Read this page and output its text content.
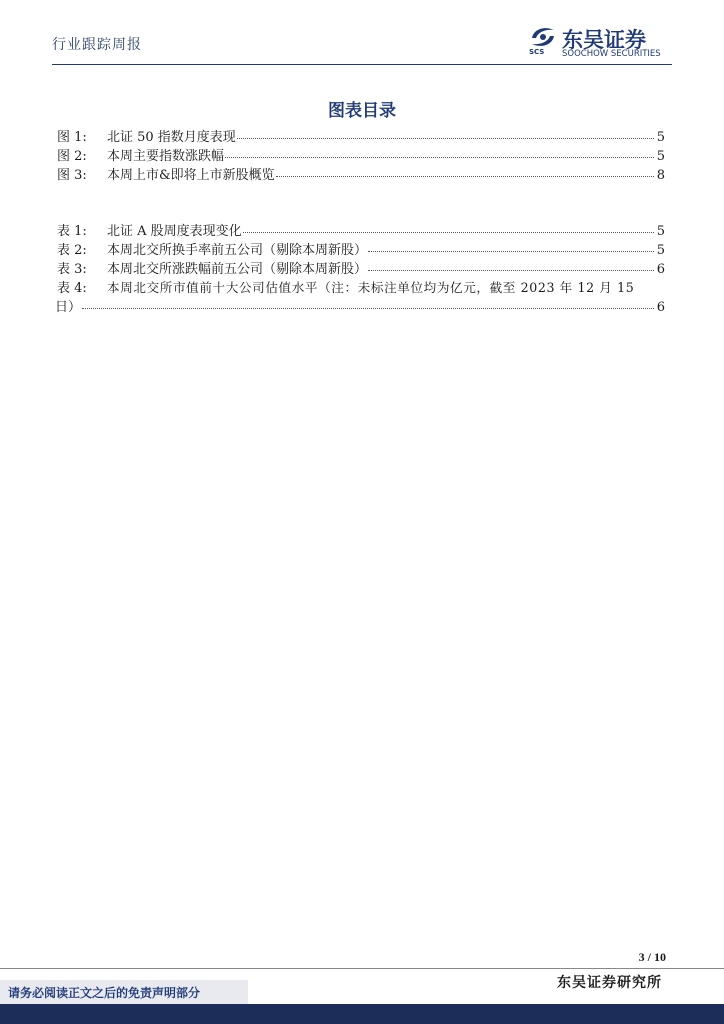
行业跟踪周报	SCS 东吴证券
SOOCHOW SECURITIES
图表目录
图 1:	北证 50 指数月度表现	5
图 2:	本周主要指数涨跌幅	5
图 3:	本周上市&即将上市新股概览	8
表 1:	北证 A 股周度表现变化	5
表 2:	本周北交所换手率前五公司（剔除本周新股）	5
表 3:	本周北交所涨跌幅前五公司（剔除本周新股）	6
表 4:	本周北交所市值前十大公司估值水平（注：未标注单位均为亿元，截至 2023 年 12 月 15
日）	6
3 / 10
东吴证券研究所
请务必阅读正文之后的免责声明部分
